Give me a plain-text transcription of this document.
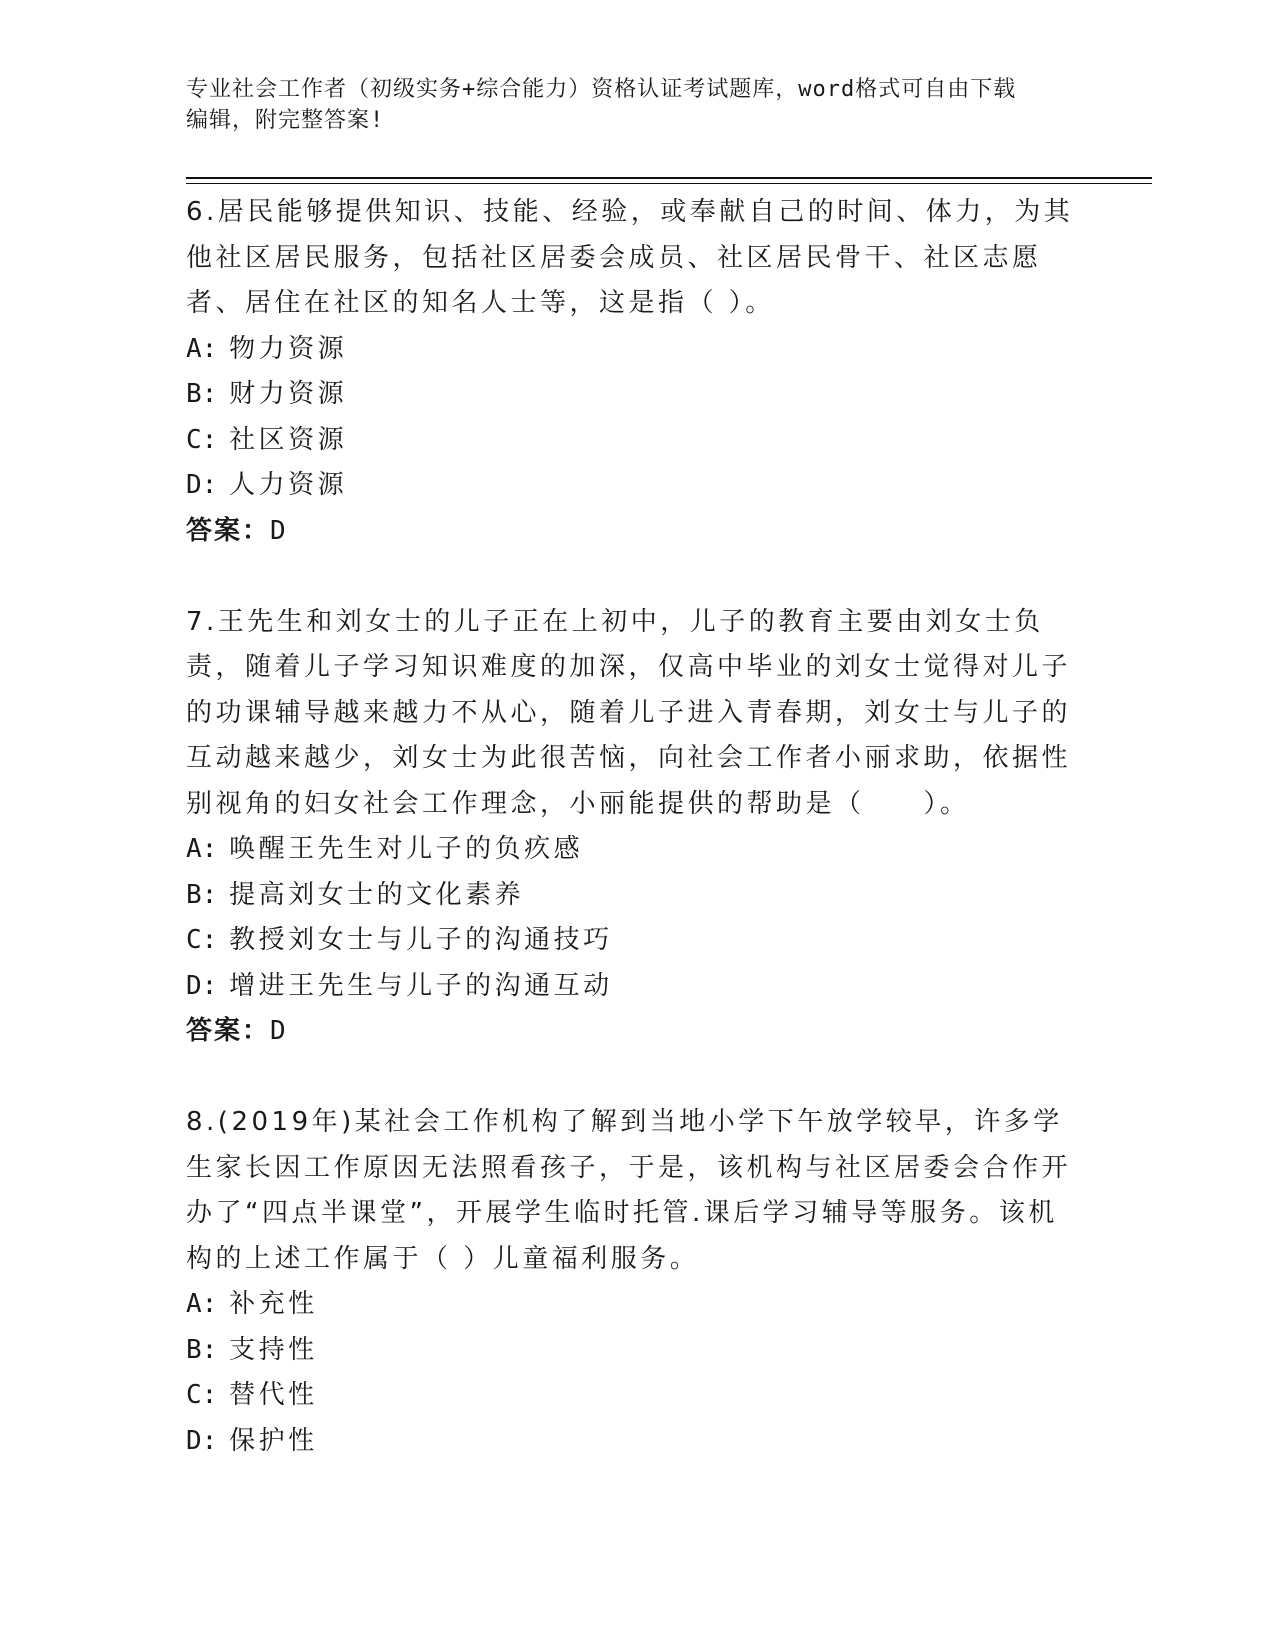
专业社会工作者（初级实务+综合能力）资格认证考试题库，word格式可自由下载
编辑，附完整答案!
6.居民能够提供知识、技能、经验，或奉献自己的时间、体力，为其他社区居民服务，包括社区居委会成员、社区居民骨干、社区志愿者、居住在社区的知名人士等，这是指（ ）。
A: 物力资源
B: 财力资源
C: 社区资源
D: 人力资源
答案：D
7.王先生和刘女士的儿子正在上初中，儿子的教育主要由刘女士负责，随着儿子学习知识难度的加深，仅高中毕业的刘女士觉得对儿子的功课辅导越来越力不从心，随着儿子进入青春期，刘女士与儿子的互动越来越少，刘女士为此很苦恼，向社会工作者小丽求助，依据性别视角的妇女社会工作理念，小丽能提供的帮助是（　　）。
A: 唤醒王先生对儿子的负疚感
B: 提高刘女士的文化素养
C: 教授刘女士与儿子的沟通技巧
D: 增进王先生与儿子的沟通互动
答案：D
8.(2019年)某社会工作机构了解到当地小学下午放学较早，许多学生家长因工作原因无法照看孩子，于是，该机构与社区居委会合作开办了“四点半课堂”，开展学生临时托管.课后学习辅导等服务。该机构的上述工作属于（ ）儿童福利服务。
A: 补充性
B: 支持性
C: 替代性
D: 保护性
